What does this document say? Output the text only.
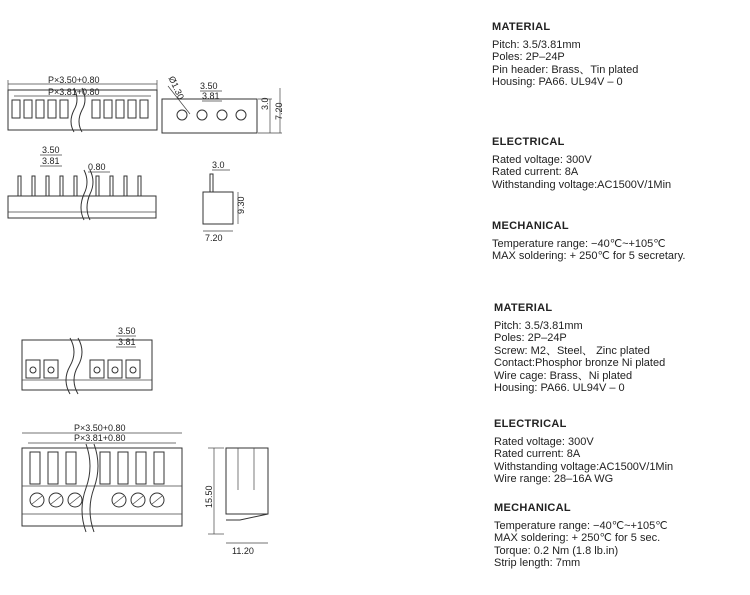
P×3.50+0.80
P×3.81+0.80	Ø1.30 3.50
3.81
3.0 7.20
3.50
3.81
0.80	3.0
9.30
7.20
3.50
3.81
P×3.50+0.80
P×3.81+0.80
15.50
11.20
MATERIAL
Pitch: 3.5/3.81mm
Poles: 2P–24P
Pin header: Brass、Tin plated
Housing: PA66. UL94V – 0
ELECTRICAL
Rated voltage: 300V
Rated current: 8A
Withstanding voltage:AC1500V/1Min
MECHANICAL
Temperature range: −40℃~+105℃
MAX soldering: + 250℃ for 5 secretary.
MATERIAL
Pitch: 3.5/3.81mm
Poles: 2P–24P
Screw: M2、Steel、 Zinc plated
Contact:Phosphor bronze Ni plated
Wire cage: Brass、Ni plated
Housing: PA66. UL94V – 0
ELECTRICAL
Rated voltage: 300V
Rated current: 8A
Withstanding voltage:AC1500V/1Min
Wire range: 28–16A WG
MECHANICAL
Temperature range: −40℃~+105℃
MAX soldering: + 250℃ for 5 sec.
Torque: 0.2 Nm (1.8 lb.in)
Strip length: 7mm
